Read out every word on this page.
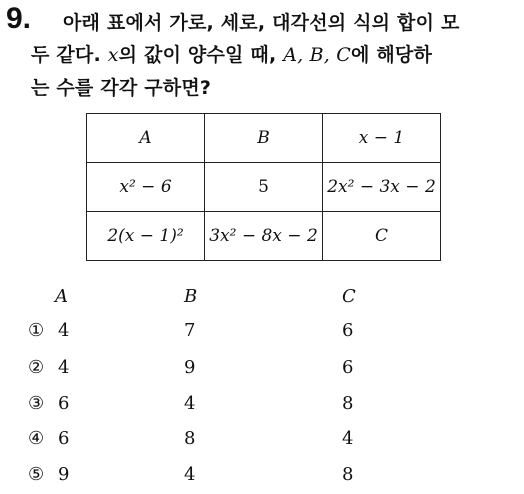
9. 아래 표에서 가로, 세로, 대각선의 식의 합이 모
두 같다. x의 값이 양수일 때, A, B, C에 해당하
는 수를 각각 구하면?
A	B	x − 1
x² − 6	5	2x² − 3x − 2
2(x − 1)²	3x² − 8x − 2	C
A	B	C
① 4	7	6
② 4	9	6
③ 6	4	8
④ 6	8	4
⑤ 9	4	8
